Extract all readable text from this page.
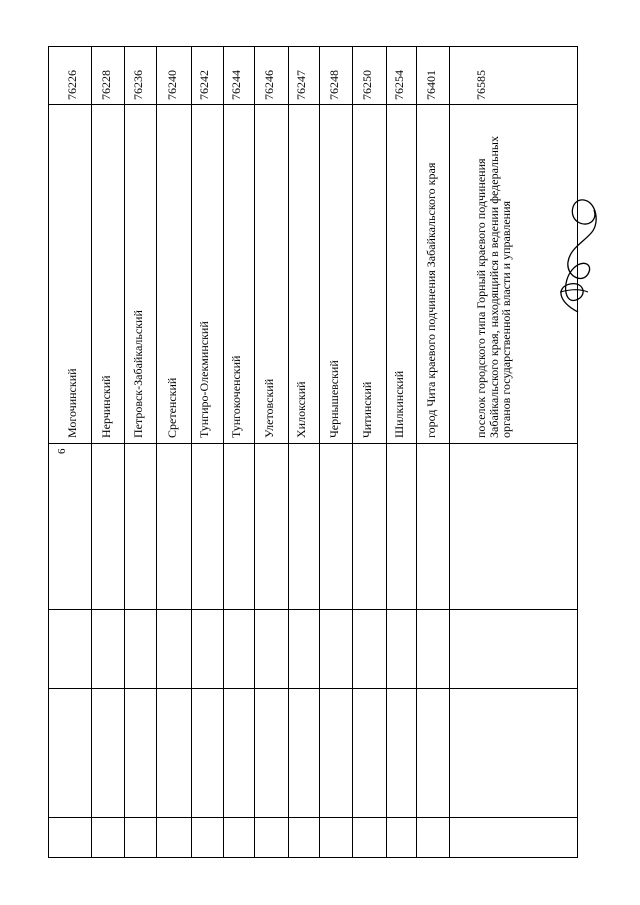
6
76226 76228 76236 76240 76242 76244 76246 76247 76248 76250 76254 76401	76585
Могочинский Нерчинский Петровск-Забайкальский Сретенский Тунгиро-Олекминский Тунгокоченский Улетовский Хилокский Чернышевский Читинский Шилкинский город Чита краевого подчинения Забайкальского края	поселок городского типа Горный краевого подчинения Забайкальского края, находящийся в ведении федеральных органов государственной власти и управления
